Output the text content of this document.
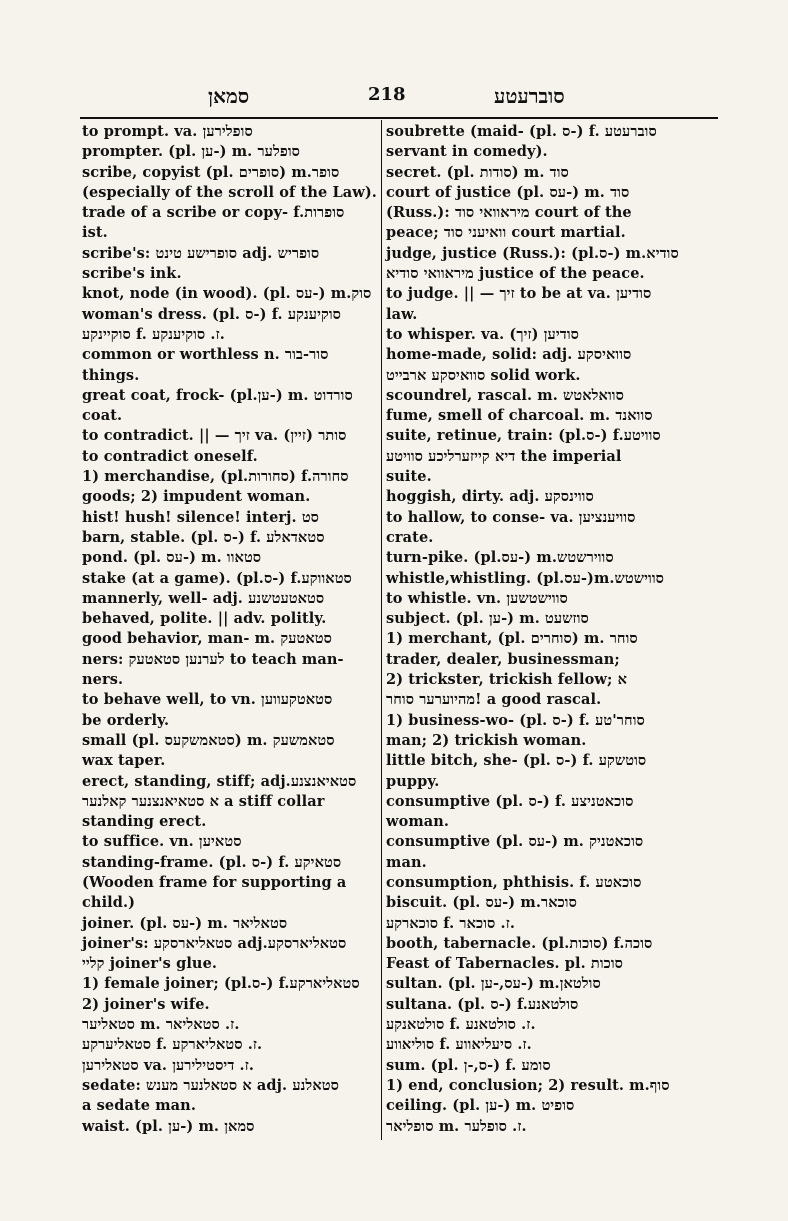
סמאן	218	סוברעטע
to prompt. va. סופלירען
prompter. (pl. ען-) m. סופלער
scribe, copyist (pl. סופרים) m.סופר
(especially of the scroll of the Law).
trade of a scribe or copy- f.סופרות
ist.
scribe's: סופרישע טינט adj. סופריש
scribe's ink.
knot, node (in wood). (pl. עס-) m.סוק
woman's dress. (pl. ס-) f. סוקיענקע
סוקיינקע f. ז. סוקיענקע.
common or worthless n. סור-בור
things.
great coat, frock- (pl.ען-) m. סורדוט
coat.
to contradict. || — זיך va. (זיין) סותר
to contradict oneself.
1) merchandise, (pl.סחורות) f.סחורה
goods; 2) impudent woman.
hist! hush! silence! interj. סט
barn, stable. (pl. ס-) f. סטאדאלע
pond. (pl. עס-) m. סטאוו
stake (at a game). (pl.ס-) f.סטאווקע
mannerly, well- adj. סטאטעטשנע
behaved, polite. || adv. politly.
good behavior, man- m. סטאטעק
ners: לערנען סטאטעק to teach man-
ners.
to behave well, to vn. סטאטקעווען
be orderly.
small (pl. סטאמשקעס) m. סטאמשעק
wax taper.
erect, standing, stiff; adj.סטאיאנצנע
א סטאיאנצנער קאלנער a stiff collar
standing erect.
to suffice. vn. סטאיען
standing-frame. (pl. ס-) f. סטאיקע
(Wooden frame for supporting a
child.)
joiner. (pl. עס-) m. סטאליאר
joiner's: סטאליארסקע adj.סטאליארסקע
קליי joiner's glue.
1) female joiner; (pl.ס-) f.סטאליארקע
2) joiner's wife.
סטאליער m. ז. סטאליאר.
סטאליערקע f. ז. סטאליארקע.
סטאלירען va. ז. דיסטילירען.
sedate: א סטאלנער מענש adj. סטאלנע
a sedate man.
waist. (pl. ען-) m. סמאן
soubrette (maid- (pl. ס-) f. סוברעטע
servant in comedy).
secret. (pl. סודות) m. סוד
court of justice (pl. עס-) m. סוד
(Russ.): מיראוואי סוד court of the
peace; וואיעני סוד court martial.
judge, justice (Russ.): (pl.ס-) m.סודיא
מיראוואי סודיא justice of the peace.
to judge. || — זיך to be at va. סודיען
law.
to whisper. va. (זיך) סודיען
home-made, solid: adj. סוואיסקע
סוואיסקע ארבייט solid work.
scoundrel, rascal. m. סוואלאטש
fume, smell of charcoal. m. סוואנד
suite, retinue, train: (pl.ס-) f.סוויטע
דיא קייזערליכע סוויטע the imperial
suite.
hoggish, dirty. adj. סווינסקע
to hallow, to conse- va. סוויענציען
crate.
turn-pike. (pl.עס-) m.סווירשטש
whistle,whistling. (pl.עס-)m.סווישטש
to whistle. vn. סווישטשען
subject. (pl. ען-) m. סוזשעט
1) merchant, (pl. סוחרים) m. סוחר
trader, dealer, businessman;
2) trickster, trickish fellow; א
מהיוערער סוחר! a good rascal.
1) business-wo- (pl. ס-) f. סוחר'טע
man; 2) trickish woman.
little bitch, she- (pl. ס-) f. סוטשקע
puppy.
consumptive (pl. ס-) f. סוכאטניצע
woman.
consumptive (pl. עס-) m. סוכאטניק
man.
consumption, phthisis. f. סוכאטע
biscuit. (pl. עס-) m.סוכאר
סוכארקע f. ז. סוכאר.
booth, tabernacle. (pl.סוכות) f.סוכה
Feast of Tabernacles. pl. סוכות
sultan. (pl. עס,-ען-) m.סולטאן
sultana. (pl. ס-) f.סולטאנע
סולטאנקע f. ז. סולטאנע.
סוליאווע f. ז. סיעליאווע.
sum. (pl. ס,-ן-) f. סומע
1) end, conclusion; 2) result. m.סוף
ceiling. (pl. ען-) m. סופיט
סופליאר m. ז. סופלער.
